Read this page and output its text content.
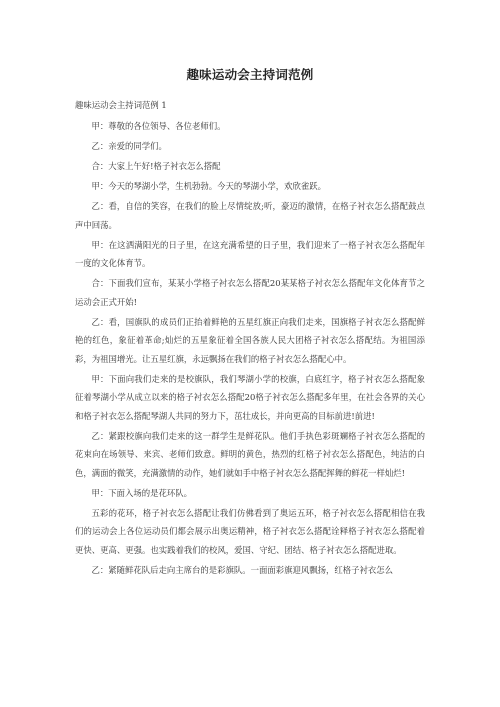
趣味运动会主持词范例
趣味运动会主持词范例 1

甲：尊敬的各位领导、各位老师们。

乙：亲爱的同学们。

合：大家上午好!格子衬衣怎么搭配

甲：今天的琴湖小学，生机勃勃。今天的琴湖小学，欢欣雀跃。

乙：看，自信的笑容，在我们的脸上尽情绽放;听，豪迈的激情，在格子衬衣怎么搭配鼓点声中回荡。

甲：在这洒满阳光的日子里，在这充满希望的日子里，我们迎来了一格子衬衣怎么搭配年一度的文化体育节。

合：下面我们宣布，某某小学格子衬衣怎么搭配20某某格子衬衣怎么搭配年文化体育节之运动会正式开始!

乙：看，国旗队的成员们正抬着鲜艳的五星红旗正向我们走来，国旗格子衬衣怎么搭配鲜艳的红色，象征着革命;灿烂的五星象征着全国各族人民大团格子衬衣怎么搭配结。为祖国添彩，为祖国增光。让五星红旗，永远飘扬在我们的格子衬衣怎么搭配心中。

甲：下面向我们走来的是校旗队，我们琴湖小学的校旗，白底红字，格子衬衣怎么搭配象征着琴湖小学从成立以来的格子衬衣怎么搭配20格子衬衣怎么搭配多年里，在社会各界的关心和格子衬衣怎么搭配琴湖人共同的努力下，茁壮成长，并向更高的目标前进!前进!

乙：紧跟校旗向我们走来的这一群学生是鲜花队。他们手执色彩斑斓格子衬衣怎么搭配的花束向在场领导、来宾、老师们致意。鲜明的黄色，热烈的红格子衬衣怎么搭配色，纯洁的白色，满面的微笑，充满激情的动作，她们就如手中格子衬衣怎么搭配挥舞的鲜花一样灿烂!

甲：下面入场的是花环队。

五彩的花环，格子衬衣怎么搭配让我们仿佛看到了奥运五环，格子衬衣怎么搭配相信在我们的运动会上各位运动员们都会展示出奥运精神，格子衬衣怎么搭配诠释格子衬衣怎么搭配着更快、更高、更强。也实践着我们的校风，爱国、守纪、团结、格子衬衣怎么搭配进取。

乙：紧随鲜花队后走向主席台的是彩旗队。一面面彩旗迎风飘扬，红格子衬衣怎么
